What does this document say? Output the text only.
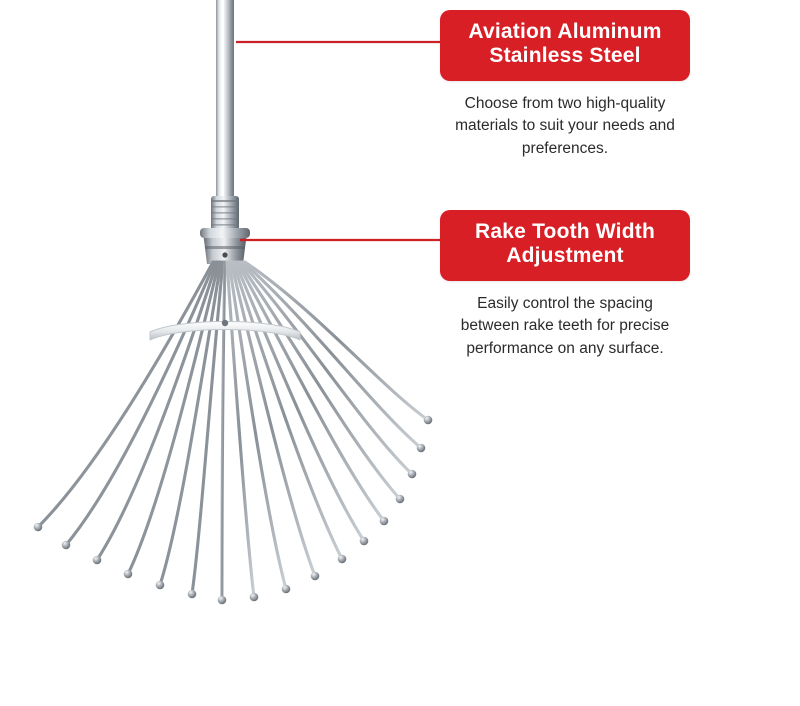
Aviation Aluminum
Stainless Steel
Choose from two high-quality materials to suit your needs and preferences.
Rake Tooth Width
Adjustment
Easily control the spacing between rake teeth for precise performance on any surface.
